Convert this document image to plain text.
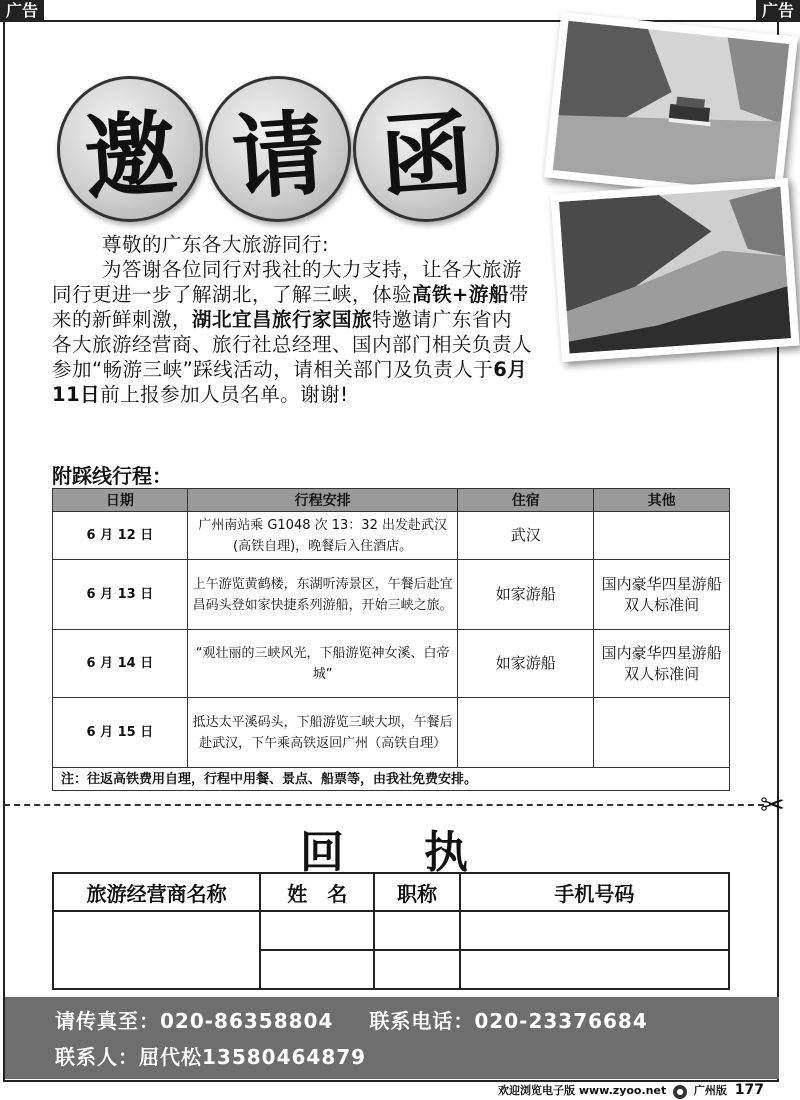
广告	广告
邀 请 函

尊敬的广东各大旅游同行:

为答谢各位同行对我社的大力支持，让各大旅游同行更进一步了解湖北，了解三峡，体验高铁+游船带来的新鲜刺激，湖北宜昌旅行家国旅特邀请广东省内各大旅游经营商、旅行社总经理、国内部门相关负责人参加“畅游三峡”踩线活动，请相关部门及负责人于6月11日前上报参加人员名单。谢谢!

附踩线行程：
日期	行程安排	住宿	其他
6 月 12 日	广州南站乘 G1048 次 13：32 出发赴武汉(高铁自理)，晚餐后入住酒店。	武汉	
6 月 13 日	上午游览黄鹤楼，东湖听涛景区，午餐后赴宜昌码头登如家快捷系列游船，开始三峡之旅。	如家游船	国内豪华四星游船双人标准间
6 月 14 日	“观壮丽的三峡风光，下船游览神女溪、白帝城”	如家游船	国内豪华四星游船双人标准间
6 月 15 日	抵达太平溪码头，下船游览三峡大坝，午餐后赴武汉，下午乘高铁返回广州（高铁自理）		
注：往返高铁费用自理，行程中用餐、景点、船票等，由我社免费安排。			
✂
回执
旅游经营商名称	姓　名	职称	手机号码

请传真至：020-86358804 联系电话：020-23376684
联系人：屈代松13580464879
欢迎浏览电子版 www.zyoo.net ● 广州版 177
